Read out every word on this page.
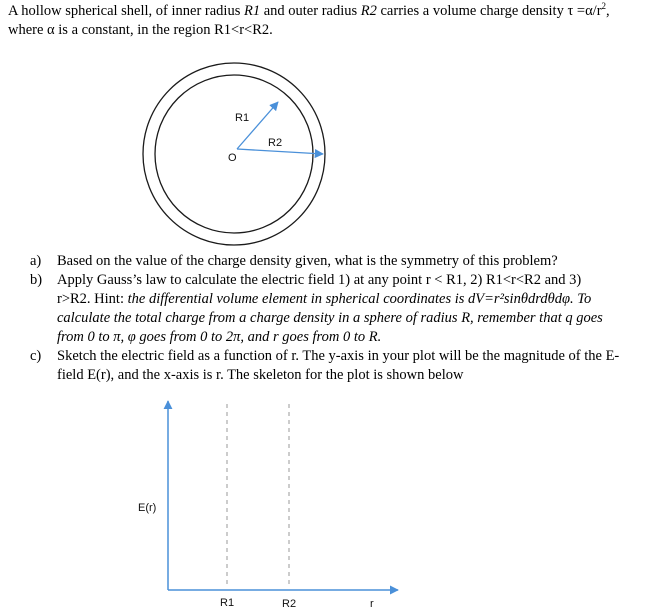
A hollow spherical shell, of inner radius R1 and outer radius R2 carries a volume charge density $\tau =\alpha/r^2$,
where α is a constant, in the region R1<r<R2.
R1
R2
O
a)	Based on the value of the charge density given, what is the symmetry of this problem?
b)	Apply Gauss’s law to calculate the electric field 1) at any point r < R1, 2) R1<r<R2 and 3)
r>R2. Hint: the differential volume element in spherical coordinates is dV=r²sinθdrdθdφ. To
calculate the total charge from a charge density in a sphere of radius R, remember that q goes
from 0 to π, φ goes from 0 to 2π, and r goes from 0 to R.
c)	Sketch the electric field as a function of r. The y-axis in your plot will be the magnitude of the E-
field E(r), and the x-axis is r. The skeleton for the plot is shown below
E(r)
R1	R2	r
